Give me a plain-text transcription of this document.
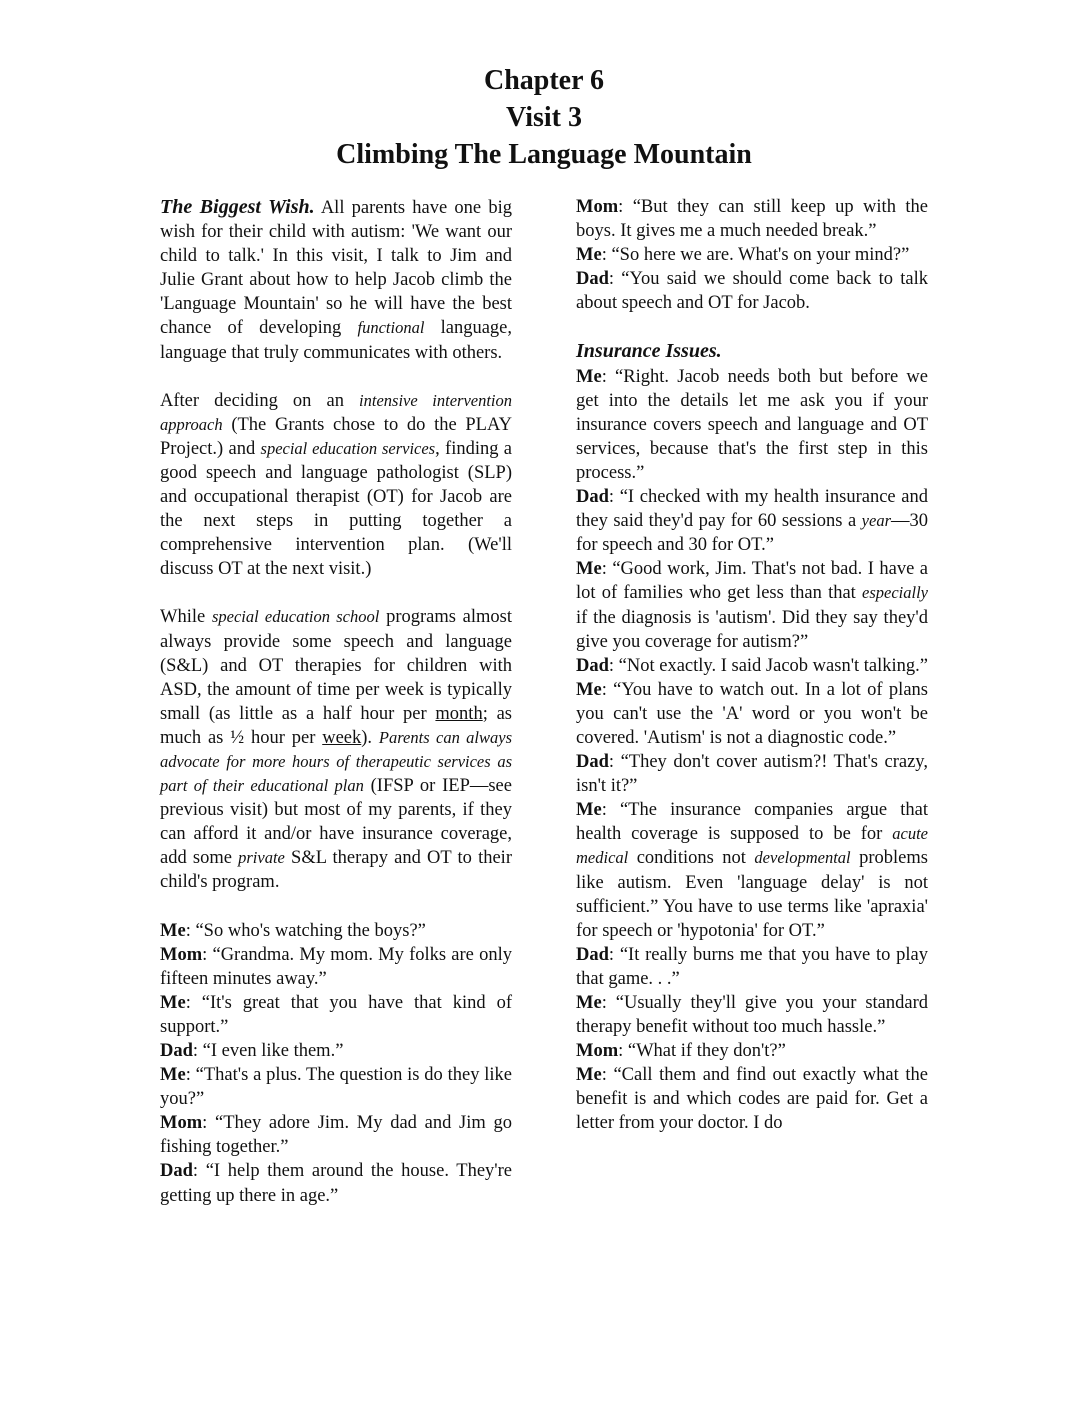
Chapter 6
Visit 3
Climbing The Language Mountain

The Biggest Wish. All parents have one big wish for their child with autism: 'We want our child to talk.' In this visit, I talk to Jim and Julie Grant about how to help Jacob climb the 'Language Mountain' so he will have the best chance of developing functional language, language that truly communicates with others.

After deciding on an intensive intervention approach (The Grants chose to do the PLAY Project.) and special education services, finding a good speech and language pathologist (SLP) and occupational therapist (OT) for Jacob are the next steps in putting together a comprehensive intervention plan. (We'll discuss OT at the next visit.)

While special education school programs almost always provide some speech and language (S&L) and OT therapies for children with ASD, the amount of time per week is typically small (as little as a half hour per month; as much as ½ hour per week). Parents can always advocate for more hours of therapeutic services as part of their educational plan (IFSP or IEP—see previous visit) but most of my parents, if they can afford it and/or have insurance coverage, add some private S&L therapy and OT to their child's program.

Me: “So who's watching the boys?”

Mom: “Grandma. My mom. My folks are only fifteen minutes away.”

Me: “It's great that you have that kind of support.”

Dad: “I even like them.”

Me: “That's a plus. The question is do they like you?”

Mom: “They adore Jim. My dad and Jim go fishing together.”

Dad: “I help them around the house. They're getting up there in age.”

Mom: “But they can still keep up with the boys. It gives me a much needed break.”

Me: “So here we are. What's on your mind?”

Dad: “You said we should come back to talk about speech and OT for Jacob.

Insurance Issues.

Me: “Right. Jacob needs both but before we get into the details let me ask you if your insurance covers speech and language and OT services, because that's the first step in this process.”

Dad: “I checked with my health insurance and they said they'd pay for 60 sessions a year—30 for speech and 30 for OT.”

Me: “Good work, Jim. That's not bad. I have a lot of families who get less than that especially if the diagnosis is 'autism'. Did they say they'd give you coverage for autism?”

Dad: “Not exactly. I said Jacob wasn't talking.”

Me: “You have to watch out. In a lot of plans you can't use the 'A' word or you won't be covered. 'Autism' is not a diagnostic code.”

Dad: “They don't cover autism?! That's crazy, isn't it?”

Me: “The insurance companies argue that health coverage is supposed to be for acute medical conditions not developmental problems like autism. Even 'language delay' is not sufficient.” You have to use terms like 'apraxia' for speech or 'hypotonia' for OT.”

Dad: “It really burns me that you have to play that game. . .”

Me: “Usually they'll give you your standard therapy benefit without too much hassle.”

Mom: “What if they don't?”

Me: “Call them and find out exactly what the benefit is and which codes are paid for. Get a letter from your doctor. I do
